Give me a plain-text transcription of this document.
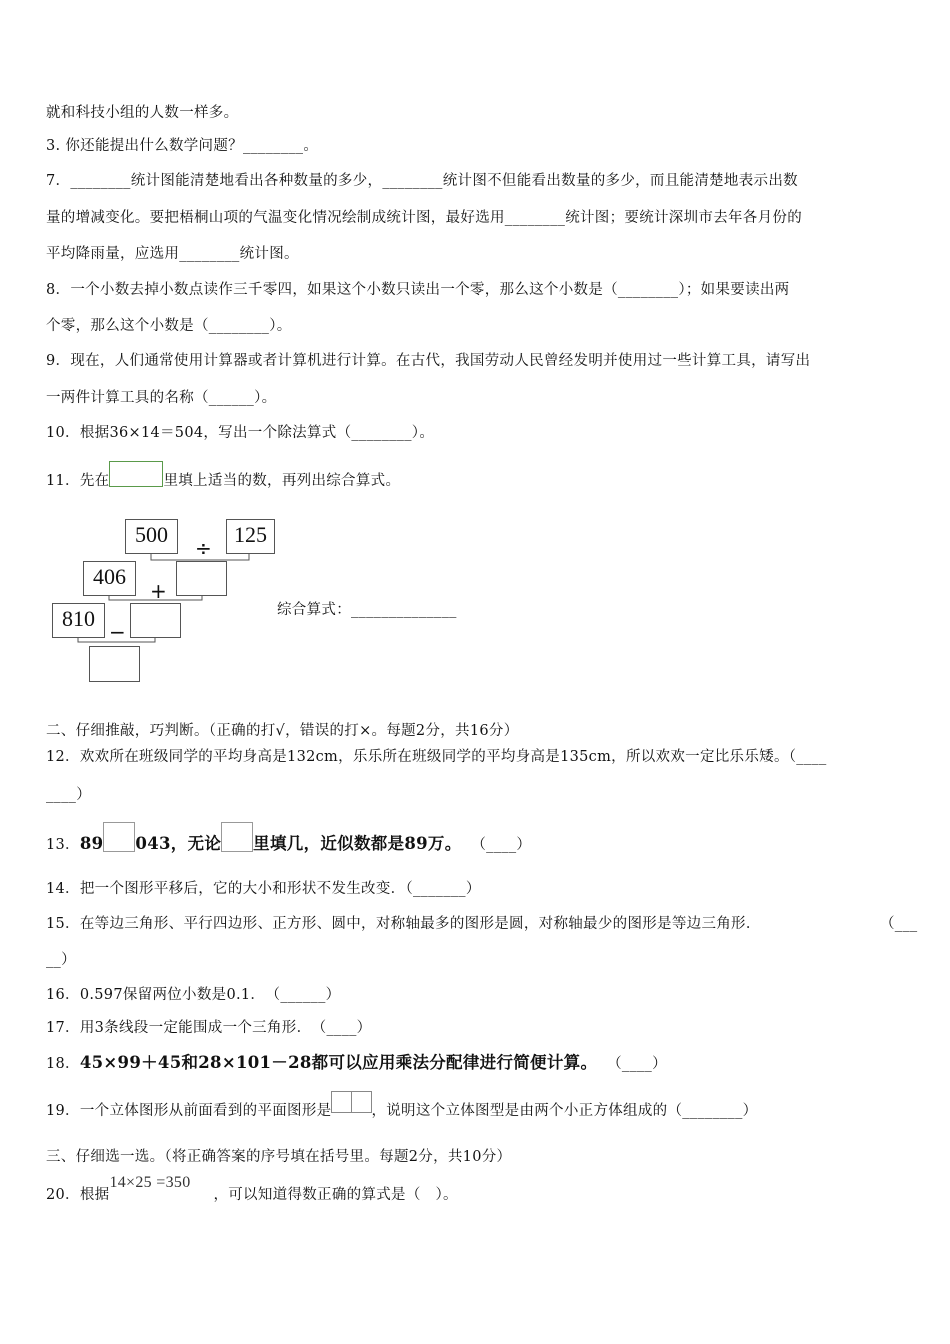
就和科技小组的人数一样多。
3. 你还能提出什么数学问题？________。
7．________统计图能清楚地看出各种数量的多少，________统计图不但能看出数量的多少，而且能清楚地表示出数
量的增减变化。要把梧桐山项的气温变化情况绘制成统计图，最好选用________统计图；要统计深圳市去年各月份的
平均降雨量，应选用________统计图。
8．一个小数去掉小数点读作三千零四，如果这个小数只读出一个零，那么这个小数是（________）；如果要读出两
个零，那么这个小数是（________）。
9．现在，人们通常使用计算器或者计算机进行计算。在古代，我国劳动人民曾经发明并使用过一些计算工具，请写出
一两件计算工具的名称（______）。
10．根据36×14＝504，写出一个除法算式（________）。
11．先在	里填上适当的数，再列出综合算式。
500
÷
125
406
+
810
−
综合算式：______________
二、仔细推敲，巧判断。（正确的打√，错误的打×。每题2分，共16分）
12．欢欢所在班级同学的平均身高是132cm，乐乐所在班级同学的平均身高是135cm，所以欢欢一定比乐乐矮。（____
____）
13．89 043，无论 里填几，近似数都是89万。 （____）
14．把一个图形平移后，它的大小和形状不发生改变．（_______）
15．在等边三角形、平行四边形、正方形、圆中，对称轴最多的图形是圆，对称轴最少的图形是等边三角形．	（___
__）
16．0.597保留两位小数是0.1．　（______）
17．用3条线段一定能围成一个三角形．　（____）
18．45×99＋45和28×101－28都可以应用乘法分配律进行简便计算。 （____）
19．一个立体图形从前面看到的平面图形是	，说明这个立体图型是由两个小正方体组成的（________）
三、仔细选一选。（将正确答案的序号填在括号里。每题2分，共10分）
20．根据14×25 =350，可以知道得数正确的算式是（　）。
